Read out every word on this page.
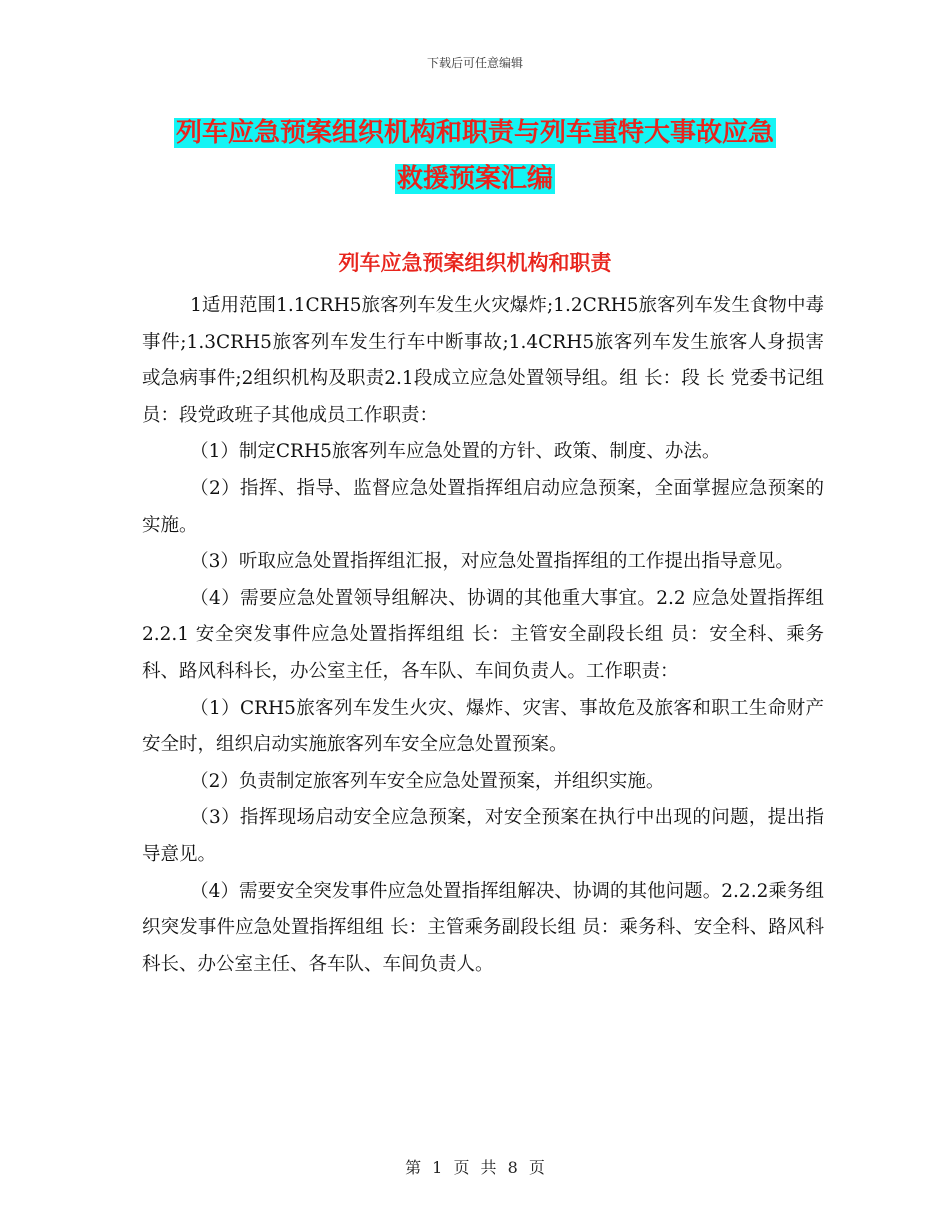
下载后可任意编辑
列车应急预案组织机构和职责与列车重特大事故应急
救援预案汇编
列车应急预案组织机构和职责

1适用范围1.1CRH5旅客列车发生火灾爆炸;1.2CRH5旅客列车发生食物中毒事件;1.3CRH5旅客列车发生行车中断事故;1.4CRH5旅客列车发生旅客人身损害或急病事件;2组织机构及职责2.1段成立应急处置领导组。组 长：段 长 党委书记组 员：段党政班子其他成员工作职责：

（1）制定CRH5旅客列车应急处置的方针、政策、制度、办法。

（2）指挥、指导、监督应急处置指挥组启动应急预案，全面掌握应急预案的实施。

（3）听取应急处置指挥组汇报，对应急处置指挥组的工作提出指导意见。

（4）需要应急处置领导组解决、协调的其他重大事宜。2.2 应急处置指挥组2.2.1 安全突发事件应急处置指挥组组 长：主管安全副段长组 员：安全科、乘务科、路风科科长，办公室主任，各车队、车间负责人。工作职责：

（1）CRH5旅客列车发生火灾、爆炸、灾害、事故危及旅客和职工生命财产安全时，组织启动实施旅客列车安全应急处置预案。

（2）负责制定旅客列车安全应急处置预案，并组织实施。

（3）指挥现场启动安全应急预案，对安全预案在执行中出现的问题，提出指导意见。

（4）需要安全突发事件应急处置指挥组解决、协调的其他问题。2.2.2乘务组织突发事件应急处置指挥组组 长：主管乘务副段长组 员：乘务科、安全科、路风科科长、办公室主任、各车队、车间负责人。

第 1 页 共 8 页
